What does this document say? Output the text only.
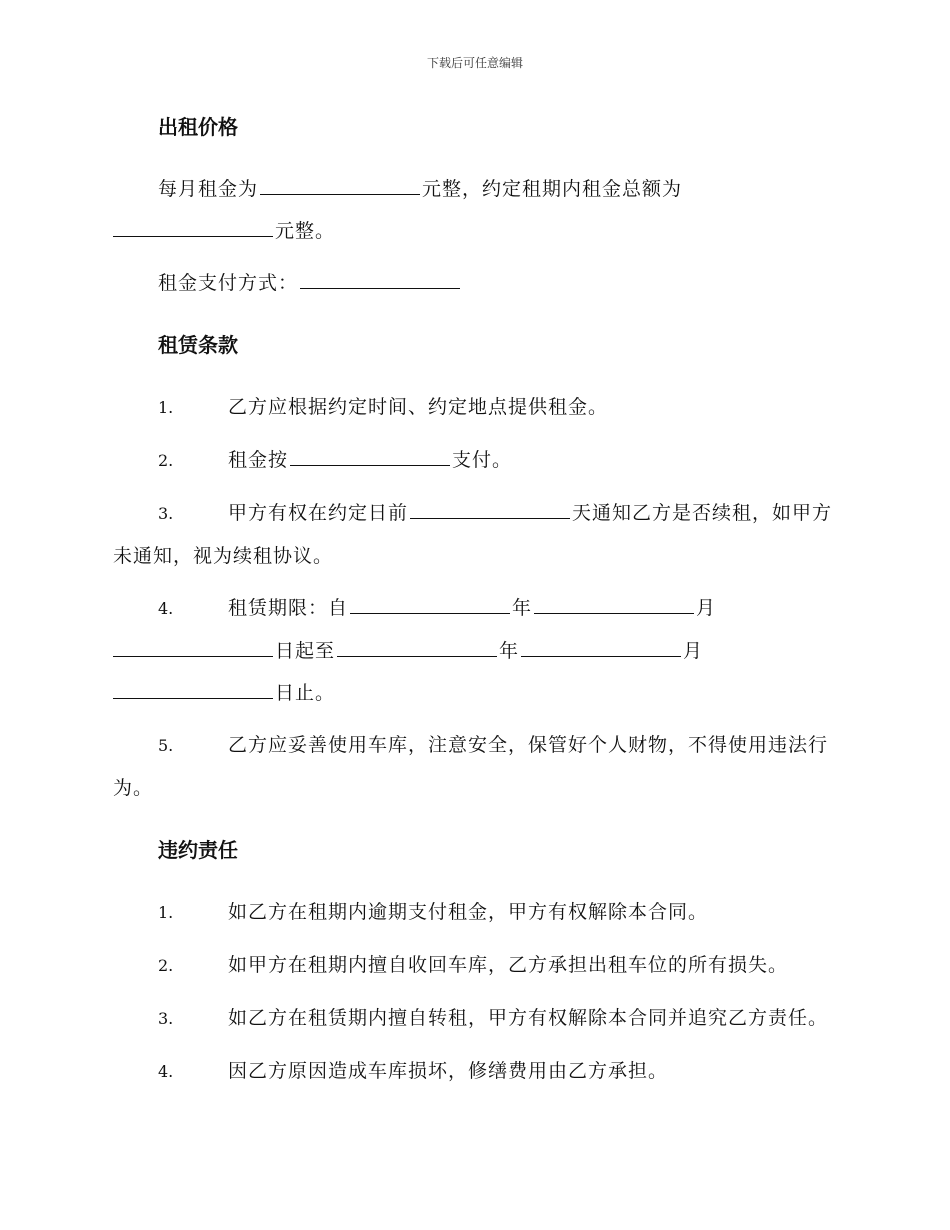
下载后可任意编辑
出租价格
每月租金为	元整，约定租期内租金总额为
元整。
租金支付方式：
租赁条款
1.	乙方应根据约定时间、约定地点提供租金。
2.	租金按	支付。
3.	甲方有权在约定日前	天通知乙方是否续租，如甲方未通知，视为续租协议。
4.	租赁期限：自	年	月
日起至	年	月
日止。
5.	乙方应妥善使用车库，注意安全，保管好个人财物，不得使用违法行为。
违约责任
1.	如乙方在租期内逾期支付租金，甲方有权解除本合同。
2.	如甲方在租期内擅自收回车库，乙方承担出租车位的所有损失。
3.	如乙方在租赁期内擅自转租，甲方有权解除本合同并追究乙方责任。
4.	因乙方原因造成车库损坏，修缮费用由乙方承担。
